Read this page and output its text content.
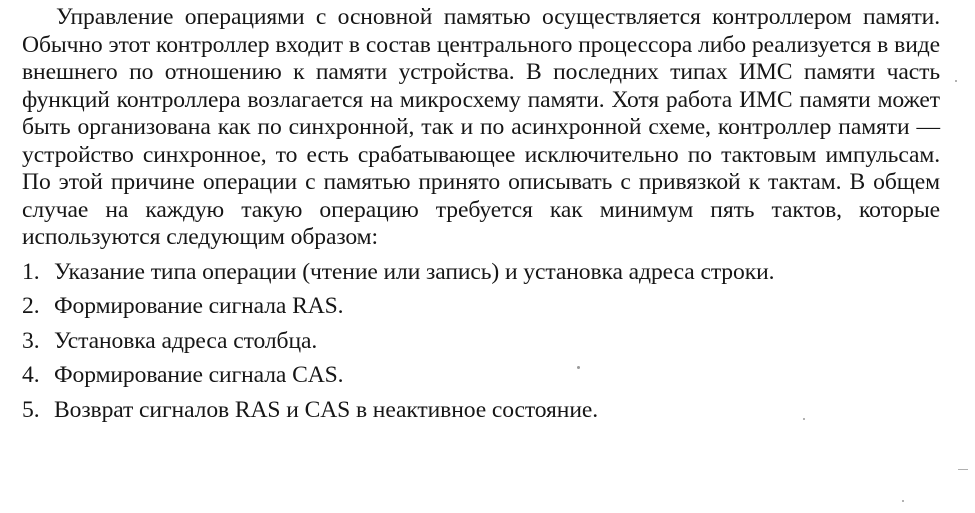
Управление операциями с основной памятью осуществляется контроллером памяти. Обычно этот контроллер входит в состав центрального процессора либо реализуется в виде внешнего по отношению к памяти устройства. В последних типах ИМС памяти часть функций контроллера возлагается на микросхему памяти. Хотя работа ИМС памяти может быть организована как по синхронной, так и по асинхронной схеме, контроллер памяти — устройство синхронное, то есть срабатывающее исключительно по тактовым импульсам. По этой причине операции с памятью принято описывать с привязкой к тактам. В общем случае на каждую такую операцию требуется как минимум пять тактов, которые используются следующим образом:

1. Указание типа операции (чтение или запись) и установка адреса строки.
2. Формирование сигнала RAS.
3. Установка адреса столбца.
4. Формирование сигнала CAS.
5. Возврат сигналов RAS и CAS в неактивное состояние.
